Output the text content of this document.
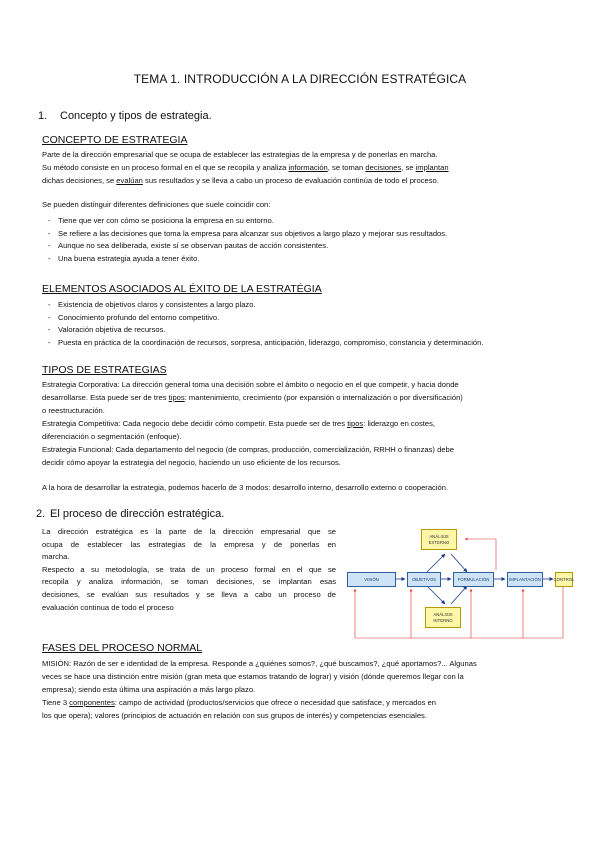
TEMA 1. INTRODUCCIÓN A LA DIRECCIÓN ESTRATÉGICA
1. Concepto y tipos de estrategia.
CONCEPTO DE ESTRATEGIA
Parte de la dirección empresarial que se ocupa de establecer las estrategias de la empresa y de ponerlas en marcha.
Su método consiste en un proceso formal en el que se recopila y analiza información, se toman decisiones, se implantan
dichas decisiones, se evalúan sus resultados y se lleva a cabo un proceso de evaluación continúa de todo el proceso.
Se pueden distinguir diferentes definiciones que suele coincidir con:
- Tiene que ver con cómo se posiciona la empresa en su entorno.
- Se refiere a las decisiones que toma la empresa para alcanzar sus objetivos a largo plazo y mejorar sus resultados.
- Aunque no sea deliberada, existe sí se observan pautas de acción consistentes.
- Una buena estrategia ayuda a tener éxito.
ELEMENTOS ASOCIADOS AL ÉXITO DE LA ESTRATÉGIA
- Existencia de objetivos claros y consistentes a largo plazo.
- Conocimiento profundo del entorno competitivo.
- Valoración objetiva de recursos.
- Puesta en práctica de la coordinación de recursos, sorpresa, anticipación, liderazgo, compromiso, constancia y determinación.
TIPOS DE ESTRATEGIAS
Estrategia Corporativa: La dirección general toma una decisión sobre el ámbito o negocio en el que competir, y hacia donde
desarrollarse. Esta puede ser de tres tipos: mantenimiento, crecimiento (por expansión o internalización o por diversificación)
o reestructuración.
Estrategia Competitiva: Cada negocio debe decidir cómo competir. Esta puede ser de tres tipos: liderazgo en costes,
diferenciación o segmentación (enfoque).
Estrategia Funcional: Cada departamento del negocio (de compras, producción, comercialización, RRHH o finanzas) debe
decidir cómo apoyar la estrategia del negocio, haciendo un uso eficiente de los recursos.
A la hora de desarrollar la estrategia, podemos hacerlo de 3 modos: desarrollo interno, desarrollo externo o cooperación.
2. El proceso de dirección estratégica.
La dirección estratégica es la parte de la dirección empresarial que se
ocupa de establecer las estrategias de la empresa y de ponerlas en
marcha.
Respecto a su metodología, se trata de un proceso formal en el que se
recopila y analiza información, se toman decisiones, se implantan esas
decisiones, se evalúan sus resultados y se lleva a cabo un proceso de
evaluación continua de todo el proceso
ANÁLISIS
EXTERNO
VISIÓN	OBJETIVOS	FORMULACIÓN	IMPLANTACIÓN	CONTROL
ANÁLISIS
INTERNO
FASES DEL PROCESO NORMAL
MISIÓN: Razón de ser e identidad de la empresa. Responde a ¿quiénes somos?, ¿qué buscamos?, ¿qué aportamos?... Algunas
veces se hace una distinción entre misión (gran meta que estamos tratando de lograr) y visión (dónde queremos llegar con la
empresa); siendo esta última una aspiración a más largo plazo.
Tiene 3 componentes: campo de actividad (productos/servicios que ofrece o necesidad que satisface, y mercados en
los que opera); valores (principios de actuación en relación con sus grupos de interés) y competencias esenciales.
